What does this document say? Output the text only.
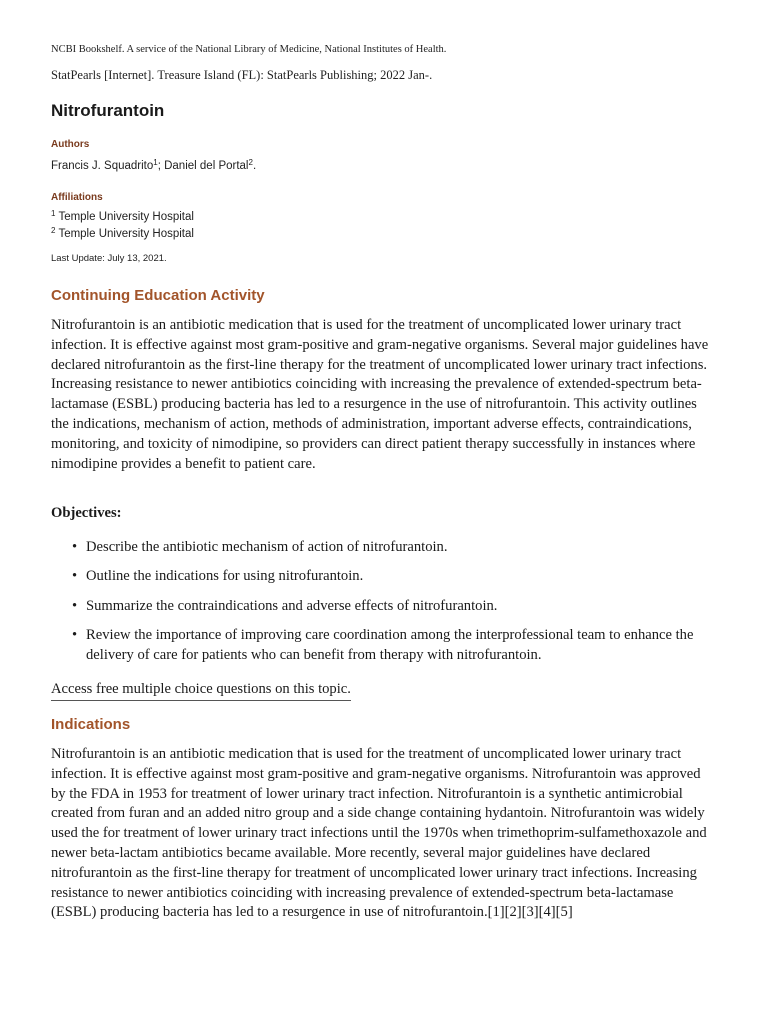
NCBI Bookshelf. A service of the National Library of Medicine, National Institutes of Health.
StatPearls [Internet]. Treasure Island (FL): StatPearls Publishing; 2022 Jan-.
Nitrofurantoin
Authors
Francis J. Squadrito$^1$; Daniel del Portal$^2$.
Affiliations
$^1$ Temple University Hospital
$^2$ Temple University Hospital
Last Update: July 13, 2021.
Continuing Education Activity

Nitrofurantoin is an antibiotic medication that is used for the treatment of uncomplicated lower urinary tract infection. It is effective against most gram-positive and gram-negative organisms. Several major guidelines have declared nitrofurantoin as the first-line therapy for the treatment of uncomplicated lower urinary tract infections. Increasing resistance to newer antibiotics coinciding with increasing the prevalence of extended-spectrum beta-lactamase (ESBL) producing bacteria has led to a resurgence in the use of nitrofurantoin. This activity outlines the indications, mechanism of action, methods of administration, important adverse effects, contraindications, monitoring, and toxicity of nimodipine, so providers can direct patient therapy successfully in instances where nimodipine provides a benefit to patient care.

Objectives:
• Describe the antibiotic mechanism of action of nitrofurantoin.
• Outline the indications for using nitrofurantoin.
• Summarize the contraindications and adverse effects of nitrofurantoin.
• Review the importance of improving care coordination among the interprofessional team to enhance the delivery of care for patients who can benefit from therapy with nitrofurantoin.
Access free multiple choice questions on this topic.
Indications

Nitrofurantoin is an antibiotic medication that is used for the treatment of uncomplicated lower urinary tract infection. It is effective against most gram-positive and gram-negative organisms. Nitrofurantoin was approved by the FDA in 1953 for treatment of lower urinary tract infection. Nitrofurantoin is a synthetic antimicrobial created from furan and an added nitro group and a side change containing hydantoin. Nitrofurantoin was widely used the for treatment of lower urinary tract infections until the 1970s when trimethoprim-sulfamethoxazole and newer beta-lactam antibiotics became available. More recently, several major guidelines have declared nitrofurantoin as the first-line therapy for treatment of uncomplicated lower urinary tract infections. Increasing resistance to newer antibiotics coinciding with increasing prevalence of extended-spectrum beta-lactamase (ESBL) producing bacteria has led to a resurgence in use of nitrofurantoin.[1][2][3][4][5]
